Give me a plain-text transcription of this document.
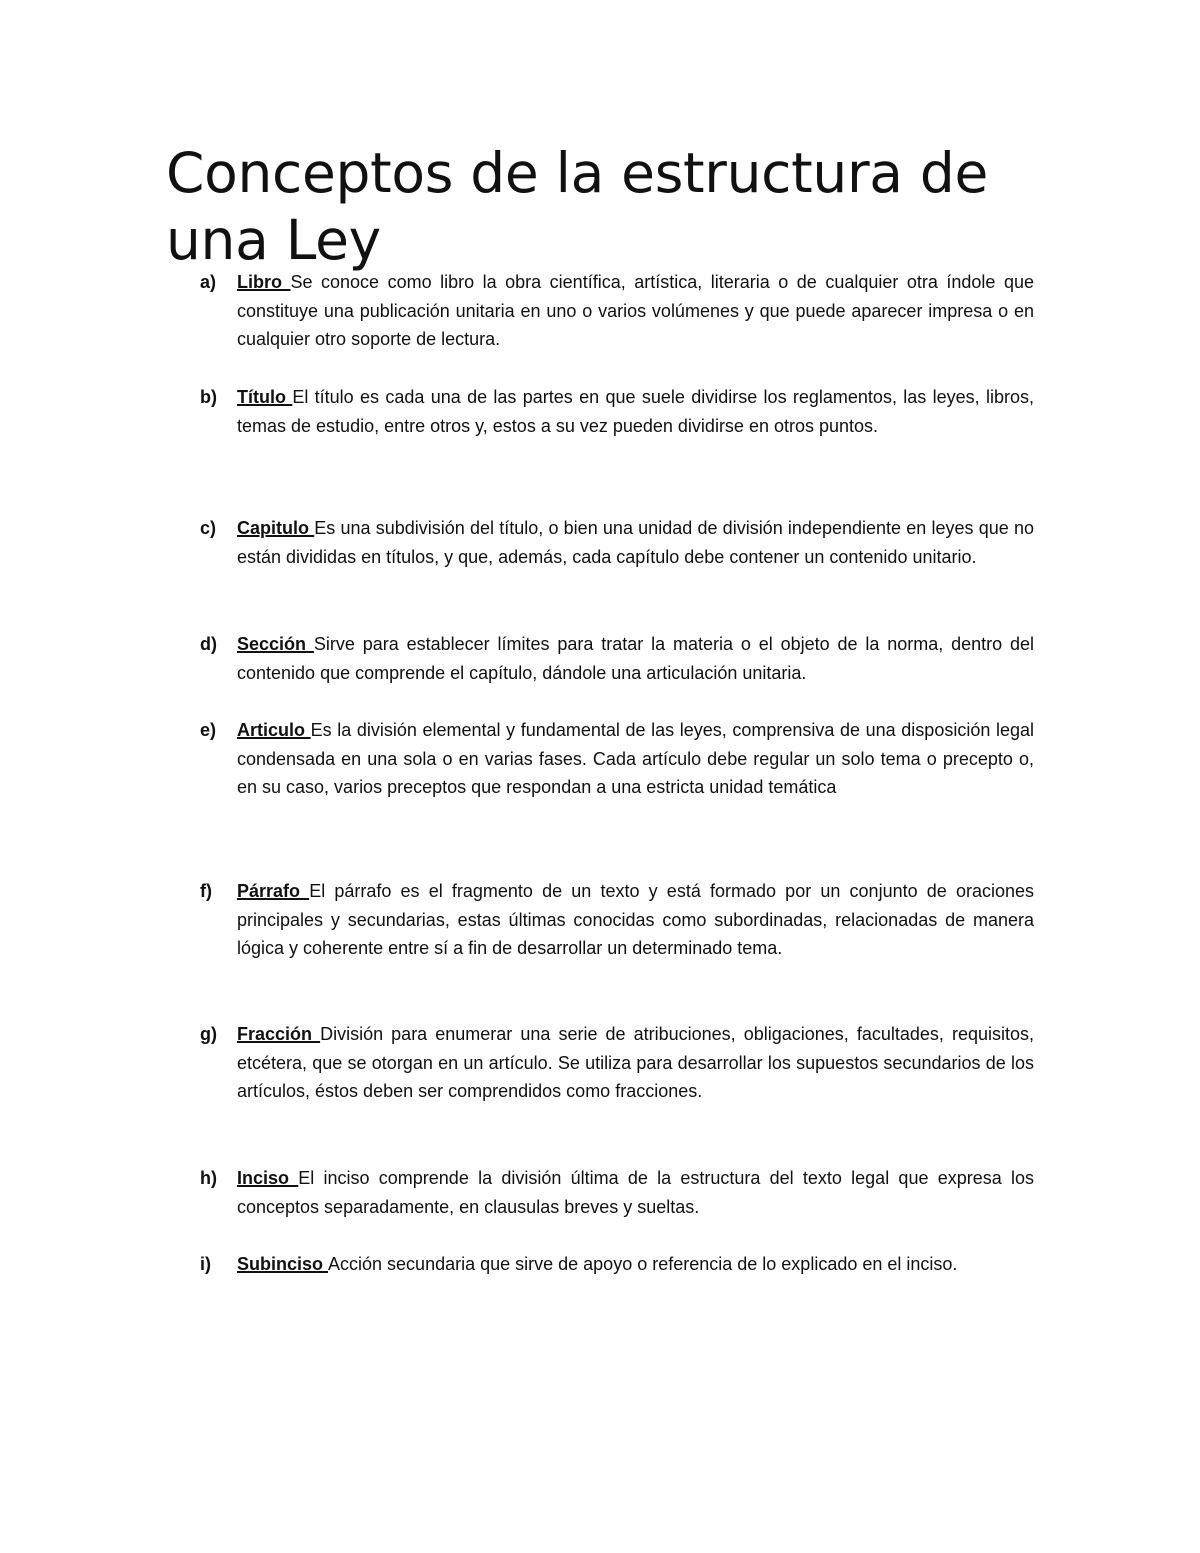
Conceptos de la estructura de una Ley
a)	Libro Se conoce como libro la obra científica, artística, literaria o de cualquier otra índole que constituye una publicación unitaria en uno o varios volúmenes y que puede aparecer impresa o en cualquier otro soporte de lectura.
b)	Título El título es cada una de las partes en que suele dividirse los reglamentos, las leyes, libros, temas de estudio, entre otros y, estos a su vez pueden dividirse en otros puntos.
c)	Capitulo Es una subdivisión del título, o bien una unidad de división independiente en leyes que no están divididas en títulos, y que, además, cada capítulo debe contener un contenido unitario.
d)	Sección Sirve para establecer límites para tratar la materia o el objeto de la norma, dentro del contenido que comprende el capítulo, dándole una articulación unitaria.
e)	Articulo Es la división elemental y fundamental de las leyes, comprensiva de una disposición legal condensada en una sola o en varias fases. Cada artículo debe regular un solo tema o precepto o, en su caso, varios preceptos que respondan a una estricta unidad temática
f)	Párrafo El párrafo es el fragmento de un texto y está formado por un conjunto de oraciones principales y secundarias, estas últimas conocidas como subordinadas, relacionadas de manera lógica y coherente entre sí a fin de desarrollar un determinado tema.
g)	Fracción División para enumerar una serie de atribuciones, obligaciones, facultades, requisitos, etcétera, que se otorgan en un artículo. Se utiliza para desarrollar los supuestos secundarios de los artículos, éstos deben ser comprendidos como fracciones.
h)	Inciso El inciso comprende la división última de la estructura del texto legal que expresa los conceptos separadamente, en clausulas breves y sueltas.
i)	Subinciso Acción secundaria que sirve de apoyo o referencia de lo explicado en el inciso.
